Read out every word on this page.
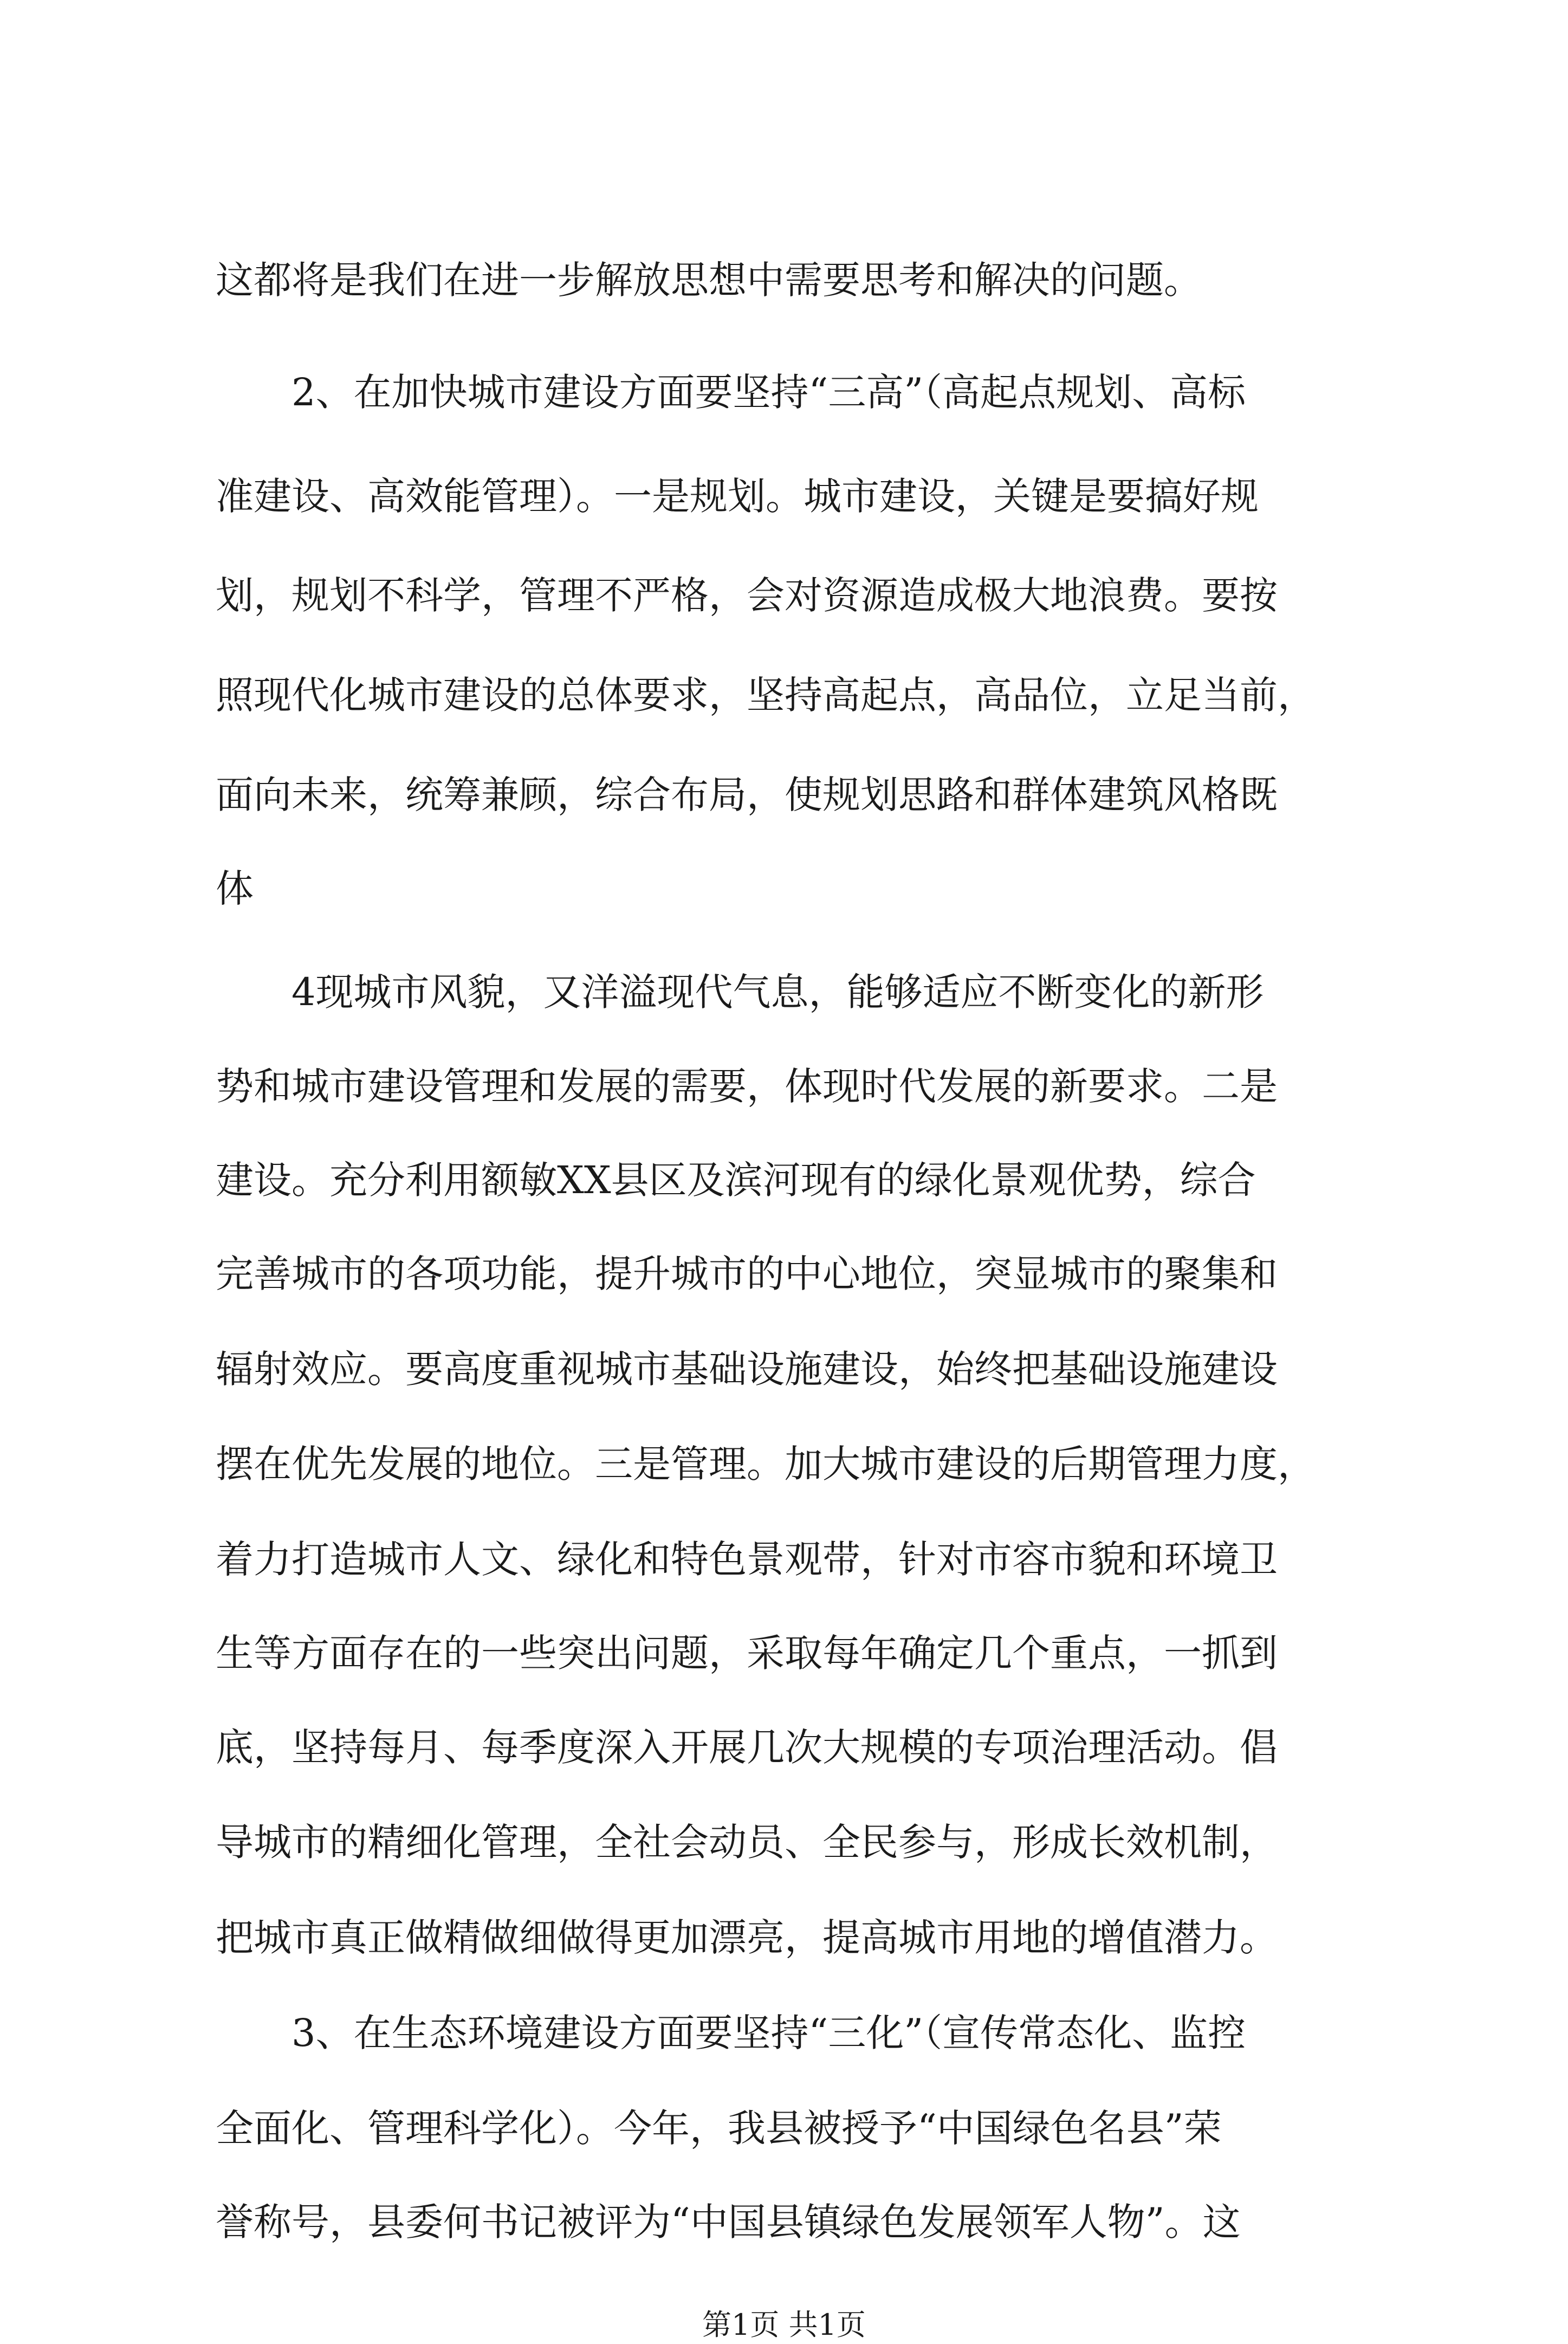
这都将是我们在进一步解放思想中需要思考和解决的问题。
2、在加快城市建设方面要坚持“三高”（高起点规划、高标
准建设、高效能管理）。一是规划。城市建设，关键是要搞好规
划，规划不科学，管理不严格，会对资源造成极大地浪费。要按
照现代化城市建设的总体要求，坚持高起点，高品位，立足当前，
面向未来，统筹兼顾，综合布局，使规划思路和群体建筑风格既
体
4现城市风貌，又洋溢现代气息，能够适应不断变化的新形
势和城市建设管理和发展的需要，体现时代发展的新要求。二是
建设。充分利用额敏XX县区及滨河现有的绿化景观优势，综合
完善城市的各项功能，提升城市的中心地位，突显城市的聚集和
辐射效应。要高度重视城市基础设施建设，始终把基础设施建设
摆在优先发展的地位。三是管理。加大城市建设的后期管理力度，
着力打造城市人文、绿化和特色景观带，针对市容市貌和环境卫
生等方面存在的一些突出问题，采取每年确定几个重点，一抓到
底，坚持每月、每季度深入开展几次大规模的专项治理活动。倡
导城市的精细化管理，全社会动员、全民参与，形成长效机制，
把城市真正做精做细做得更加漂亮，提高城市用地的增值潜力。
3、在生态环境建设方面要坚持“三化”（宣传常态化、监控
全面化、管理科学化）。今年，我县被授予“中国绿色名县”荣
誉称号，县委何书记被评为“中国县镇绿色发展领军人物”。这
第1页 共1页
